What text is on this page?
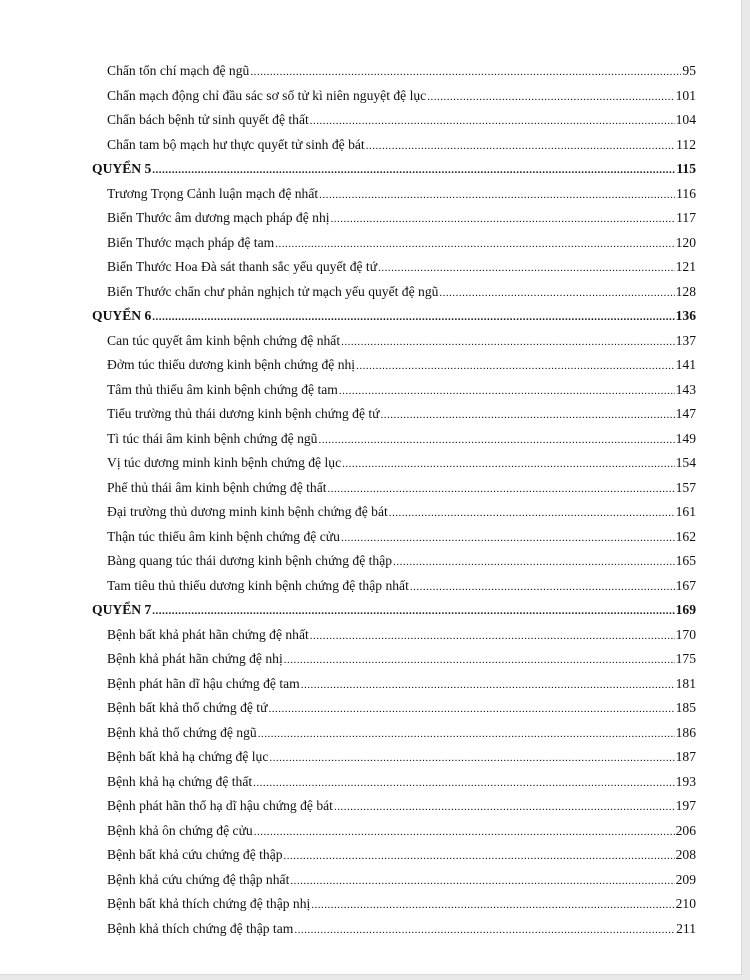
Chẩn tổn chí mạch đệ ngũ .....	95
Chẩn mạch động chỉ đầu sác sơ số tử kì niên nguyệt đệ lục .....	101
Chẩn bách bệnh tử sinh quyết đệ thất .....	104
Chẩn tam bộ mạch hư thực quyết tử sinh đệ bát .....	112
QUYỂN 5 .....	115
Trương Trọng Cảnh luận mạch đệ nhất .....	116
Biển Thước âm dương mạch pháp đệ nhị .....	117
Biển Thước mạch pháp đệ tam .....	120
Biển Thước Hoa Đà sát thanh sắc yếu quyết đệ tứ .....	121
Biển Thước chẩn chư phản nghịch tử mạch yếu quyết đệ ngũ .....	128
QUYỂN 6 .....	136
Can túc quyết âm kinh bệnh chứng đệ nhất .....	137
Đởm túc thiếu dương kinh bệnh chứng đệ nhị .....	141
Tâm thủ thiếu âm kinh bệnh chứng đệ tam .....	143
Tiểu trường thủ thái dương kinh bệnh chứng đệ tứ .....	147
Tì túc thái âm kinh bệnh chứng đệ ngũ .....	149
Vị túc dương minh kinh bệnh chứng đệ lục .....	154
Phế thủ thái âm kinh bệnh chứng đệ thất .....	157
Đại trường thủ dương minh kinh bệnh chứng đệ bát .....	161
Thận túc thiếu âm kinh bệnh chứng đệ cửu .....	162
Bàng quang túc thái dương kinh bệnh chứng đệ thập .....	165
Tam tiêu thủ thiếu dương kinh bệnh chứng đệ thập nhất .....	167
QUYỂN 7 .....	169
Bệnh bất khả phát hãn chứng đệ nhất .....	170
Bệnh khả phát hãn chứng đệ nhị .....	175
Bệnh phát hãn dĩ hậu chứng đệ tam .....	181
Bệnh bất khả thổ chứng đệ tứ .....	185
Bệnh khả thổ chứng đệ ngũ .....	186
Bệnh bất khả hạ chứng đệ lục .....	187
Bệnh khả hạ chứng đệ thất .....	193
Bệnh phát hãn thổ hạ dĩ hậu chứng đệ bát .....	197
Bệnh khả ôn chứng đệ cửu .....	206
Bệnh bất khả cứu chứng đệ thập .....	208
Bệnh khả cứu chứng đệ thập nhất .....	209
Bệnh bất khả thích chứng đệ thập nhị .....	210
Bệnh khả thích chứng đệ thập tam .....	211
